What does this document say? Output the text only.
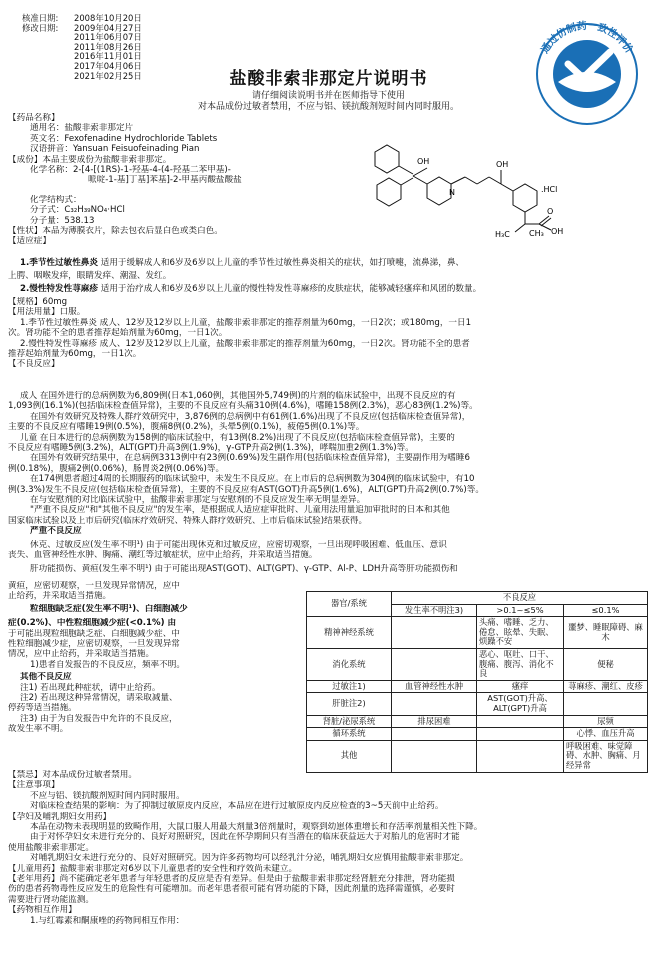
核准日期: 2008年10月20日
修改日期: 2009年04月27日
2011年06月07日
2011年08月26日
2016年11月01日
2017年04月06日
2021年02月25日
通过仿制药一致性评价
盐酸非索非那定片说明书
请仔细阅读说明书并在医师指导下使用
对本品成份过敏者禁用，不应与铝、镁抗酸剂短时间内同时服用。
OH
N
OH
.HCl
O
OH
H₃C CH₃
【药品名称】
通用名：盐酸非索非那定片
英文名：Fexofenadine Hydrochloride Tablets
汉语拼音：Yansuan Feisuofeinading Pian
【成份】本品主要成份为盐酸非索非那定。
化学名称：2-[4-[(1RS)-1-羟基-4-(4-羟基二苯甲基)-
哌啶-1-基]丁基]苯基]-2-甲基丙酸盐酸盐
化学结构式：
分子式：C₃₂H₃₉NO₄·HCl
分子量：538.13
【性状】本品为薄膜衣片，除去包衣后显白色或类白色。
【适应症】
1.季节性过敏性鼻炎 适用于缓解成人和6岁及6岁以上儿童的季节性过敏性鼻炎相关的症状，如打喷嚏，流鼻涕，鼻、
上腭、咽喉发痒，眼睛发痒、潮湿、发红。
2.慢性特发性荨麻疹 适用于治疗成人和6岁及6岁以上儿童的慢性特发性荨麻疹的皮肤症状，能够减轻瘙痒和风团的数量。
【规格】60mg
【用法用量】口服。
1.季节性过敏性鼻炎 成人、12岁及12岁以上儿童，盐酸非索非那定的推荐剂量为60mg，一日2次；或180mg，一日1
次。肾功能不全的患者推荐起始剂量为60mg，一日1次。
2.慢性特发性荨麻疹 成人、12岁及12岁以上儿童，盐酸非索非那定的推荐剂量为60mg，一日2次。肾功能不全的患者
推荐起始剂量为60mg，一日1次。
【不良反应】
成人 在国外进行的总病例数为6,809例(日本1,060例，其他国外5,749例)的片剂的临床试验中，出现不良反应的有
1,093例(16.1%)(包括临床检查值异常)，主要的不良反应有头痛310例(4.6%)，嗜睡158例(2.3%)，恶心83例(1.2%)等。
在国外有效研究及特殊人群疗效研究中，3,876例的总病例中有61例(1.6%)出现了不良反应(包括临床检查值异常)，
主要的不良反应有嗜睡19例(0.5%)，腹痛8例(0.2%)，头晕5例(0.1%)，疲倦5例(0.1%)等。
儿童 在日本进行的总病例数为158例的临床试验中，有13例(8.2%)出现了不良反应(包括临床检查值异常)，主要的
不良反应有嗜睡5例(3.2%)，ALT(GPT)升高3例(1.9%)，γ-GTP升高2例(1.3%)，哮喘加重2例(1.3%)等。
在国外有效研究结果中，在总病例3313例中有23例(0.69%)发生副作用(包括临床检查值异常)，主要副作用为嗜睡6
例(0.18%)，腹痛2例(0.06%)，肠胃炎2例(0.06%)等。
在174例患者超过4周的长期服药的临床试验中，未发生不良反应。在上市后的总病例数为304例的临床试验中，有10
例(3.3%)发生不良反应(包括临床检查值异常)，主要的不良反应有AST(GOT)升高5例(1.6%)，ALT(GPT)升高2例(0.7%)等。
在与安慰剂的对比临床试验中，盐酸非索非那定与安慰剂的不良反应发生率无明显差异。
"严重不良反应"和"其他不良反应"的发生率，是根据成人适应症审批时、儿童用法用量追加审批时的日本和其他
国家临床试验以及上市后研究(临床疗效研究、特殊人群疗效研究、上市后临床试验)结果获得。
严重不良反应
休克、过敏反应(发生率不明¹) 由于可能出现休克和过敏反应，应密切观察，一旦出现呼吸困难、低血压、意识
丧失、血管神经性水肿、胸痛、潮红等过敏症状，应中止给药，并采取适当措施。
肝功能损伤、黄疸(发生率不明¹) 由于可能出现AST(GOT)、ALT(GPT)、γ-GTP、Al-P、LDH升高等肝功能损伤和
黄疸，应密切观察，一旦发现异常情况，应中
止给药，并采取适当措施。
粒细胞缺乏症(发生率不明¹)、白细胞减少
症(0.2%)、中性粒细胞减少症(<0.1%) 由
于可能出现粒细胞缺乏症、白细胞减少症、中
性粒细胞减少症，应密切观察，一旦发现异常
情况，应中止给药，并采取适当措施。
1)患者自发报告的不良反应，频率不明。
其他不良反应
注1) 若出现此种症状，请中止给药。
注2) 若出现这种异常情况，请采取减量、
停药等适当措施。
注3) 由于为自发报告中允许的不良反应，
故发生率不明。
器官/系统	不良反应		
	发生率不明注3)	>0.1~≤5%	≤0.1%
精神神经系统		头痛、嗜睡、乏力、倦怠、眩晕、失眠、烦躁不安	噩梦、睡眠障碍、麻木
消化系统		恶心、呕吐、口干、腹痛、腹泻、消化不良	便秘
过敏注1)	血管神经性水肿	瘙痒	荨麻疹、潮红、皮疹
肝脏注2)		AST(GOT)升高、ALT(GPT)升高	
肾脏/泌尿系统	排尿困难		尿频
循环系统			心悸、血压升高
其他			呼吸困难、味觉障碍、水肿、胸痛、月经异常
【禁忌】对本品成份过敏者禁用。
【注意事项】
不应与铝、镁抗酸剂短时间内同时服用。
对临床检查结果的影响：为了抑制过敏原皮内反应，本品应在进行过敏原皮内反应检查的3~5天前中止给药。
【孕妇及哺乳期妇女用药】
本品在动物未表现明显的致畸作用，大鼠口服人用最大剂量3倍剂量时，观察到幼崽体重增长和存活率剂量相关性下降。
由于对怀孕妇女未进行充分的、良好对照研究，因此在怀孕期间只有当潜在的临床获益远大于对胎儿的危害时才能
使用盐酸非索非那定。
对哺乳期妇女未进行充分的、良好对照研究。因为许多药物均可以经乳汁分泌，哺乳期妇女应慎用盐酸非索非那定。
【儿童用药】盐酸非索非那定对6岁以下儿童患者的安全性和疗效尚未建立。
【老年用药】尚不能确定老年患者与年轻患者的反应是否有差异。但是由于盐酸非索非那定经肾脏充分排泄，肾功能损
伤的患者药物毒性反应发生的危险性有可能增加。而老年患者很可能有肾功能的下降，因此剂量的选择需谨慎，必要时
需要进行肾功能监测。
【药物相互作用】
1.与红霉素和酮康唑的药物间相互作用：
